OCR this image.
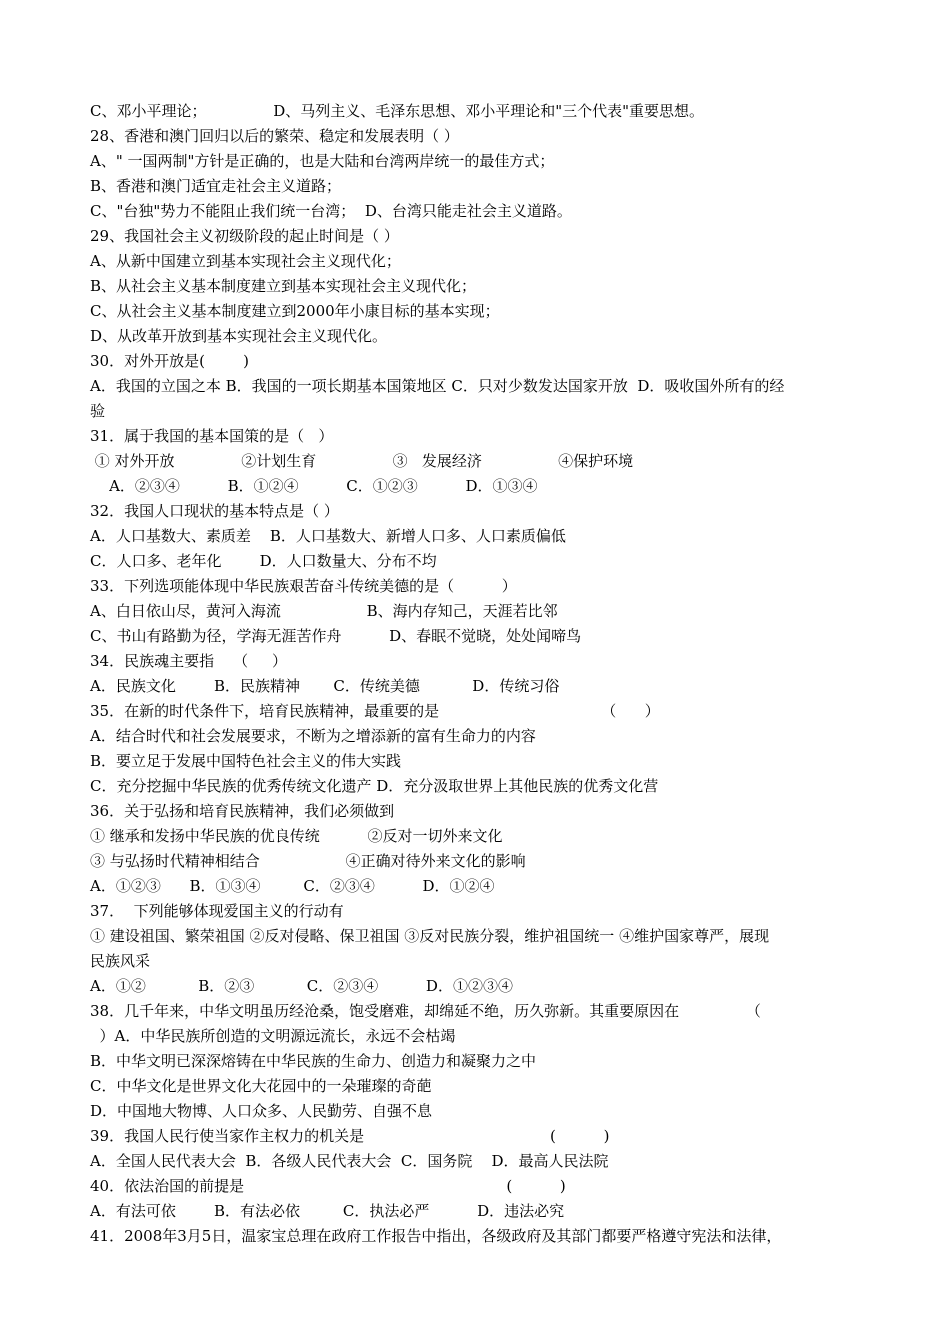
C、邓小平理论；              D、马列主义、毛泽东思想、邓小平理论和"三个代表"重要思想。
28、香港和澳门回归以后的繁荣、稳定和发展表明（ ）
A、" 一国两制"方针是正确的，也是大陆和台湾两岸统一的最佳方式；
B、香港和澳门适宜走社会主义道路；
C、"台独"势力不能阻止我们统一台湾；  D、台湾只能走社会主义道路。
29、我国社会主义初级阶段的起止时间是（ ）
A、从新中国建立到基本实现社会主义现代化；
B、从社会主义基本制度建立到基本实现社会主义现代化；
C、从社会主义基本制度建立到2000年小康目标的基本实现；
D、从改革开放到基本实现社会主义现代化。
30．对外开放是(        )
A．我国的立国之本 B．我国的一项长期基本国策地区 C．只对少数发达国家开放  D．吸收国外所有的经
验
31．属于我国的基本国策的是（   ）
① 对外开放              ②计划生育                ③   发展经济                ④保护环境
A．②③④          B．①②④          C．①②③          D．①③④
32．我国人口现状的基本特点是（ ）
A．人口基数大、素质差    B．人口基数大、新增人口多、人口素质偏低
C．人口多、老年化        D．人口数量大、分布不均
33．下列选项能体现中华民族艰苦奋斗传统美德的是（          ）
A、白日依山尽，黄河入海流                  B、海内存知己，天涯若比邻
C、书山有路勤为径，学海无涯苦作舟          D、春眠不觉晓，处处闻啼鸟
34．民族魂主要指    （     ）
A．民族文化        B．民族精神       C．传统美德           D．传统习俗
35．在新的时代条件下，培育民族精神，最重要的是                                  （      ）
A．结合时代和社会发展要求，不断为之增添新的富有生命力的内容
B．要立足于发展中国特色社会主义的伟大实践
C．充分挖掘中华民族的优秀传统文化遗产 D．充分汲取世界上其他民族的优秀文化营
36．关于弘扬和培育民族精神，我们必须做到
① 继承和发扬中华民族的优良传统          ②反对一切外来文化
③ 与弘扬时代精神相结合                  ④正确对待外来文化的影响
A．①②③      B．①③④         C．②③④          D．①②④
37．  下列能够体现爱国主义的行动有
① 建设祖国、繁荣祖国 ②反对侵略、保卫祖国 ③反对民族分裂，维护祖国统一 ④维护国家尊严，展现
民族风采
A．①②           B．②③           C．②③④          D．①②③④
38．几千年来，中华文明虽历经沧桑，饱受磨难，却绵延不绝，历久弥新。其重要原因在              （
）A．中华民族所创造的文明源远流长，永远不会枯竭
B．中华文明已深深熔铸在中华民族的生命力、创造力和凝聚力之中
C．中华文化是世界文化大花园中的一朵璀璨的奇葩
D．中国地大物博、人口众多、人民勤劳、自强不息
39．我国人民行使当家作主权力的机关是                                       (          )
A．全国人民代表大会  B．各级人民代表大会  C．国务院    D．最高人民法院
40．依法治国的前提是                                                       (          )
A．有法可依        B．有法必依         C．执法必严          D．违法必究
41．2008年3月5日，温家宝总理在政府工作报告中指出，各级政府及其部门都要严格遵守宪法和法律，
